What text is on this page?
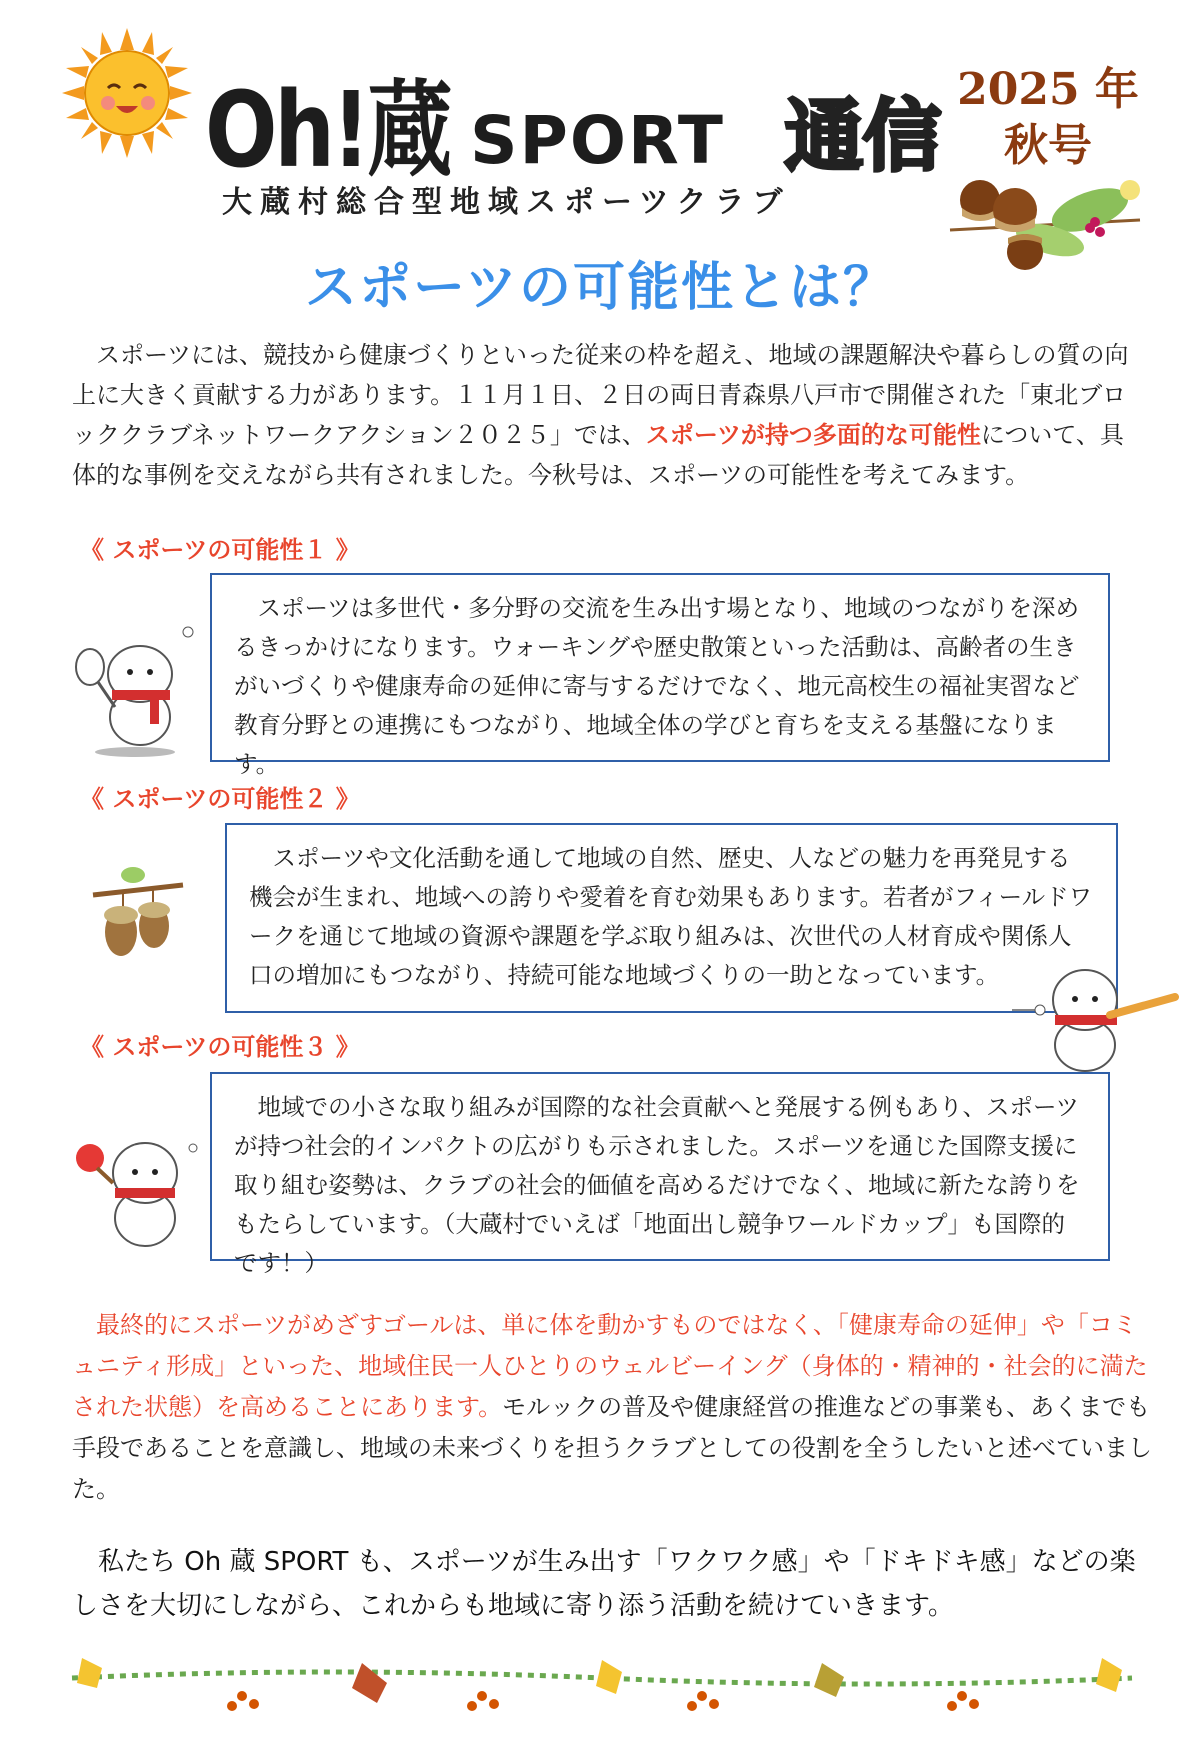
Oh!蔵 SPORT 通信
大蔵村総合型地域スポーツクラブ
2025 年
秋号
スポーツの可能性とは？

スポーツには、競技から健康づくりといった従来の枠を超え、地域の課題解決や暮らしの質の向上に大きく貢献する力があります。１１月１日、２日の両日青森県八戸市で開催された「東北ブロッククラブネットワークアクション２０２５」では、スポーツが持つ多面的な可能性について、具体的な事例を交えながら共有されました。今秋号は、スポーツの可能性を考えてみます。

《 スポーツの可能性１ 》

スポーツは多世代・多分野の交流を生み出す場となり、地域のつながりを深めるきっかけになります。ウォーキングや歴史散策といった活動は、高齢者の生きがいづくりや健康寿命の延伸に寄与するだけでなく、地元高校生の福祉実習など教育分野との連携にもつながり、地域全体の学びと育ちを支える基盤になります。

《 スポーツの可能性２ 》

スポーツや文化活動を通して地域の自然、歴史、人などの魅力を再発見する機会が生まれ、地域への誇りや愛着を育む効果もあります。若者がフィールドワークを通じて地域の資源や課題を学ぶ取り組みは、次世代の人材育成や関係人口の増加にもつながり、持続可能な地域づくりの一助となっています。

《 スポーツの可能性３ 》

地域での小さな取り組みが国際的な社会貢献へと発展する例もあり、スポーツが持つ社会的インパクトの広がりも示されました。スポーツを通じた国際支援に取り組む姿勢は、クラブの社会的価値を高めるだけでなく、地域に新たな誇りをもたらしています。（大蔵村でいえば「地面出し競争ワールドカップ」も国際的です！）

最終的にスポーツがめざすゴールは、単に体を動かすものではなく、「健康寿命の延伸」や「コミュニティ形成」といった、地域住民一人ひとりのウェルビーイング（身体的・精神的・社会的に満たされた状態）を高めることにあります。モルックの普及や健康経営の推進などの事業も、あくまでも手段であることを意識し、地域の未来づくりを担うクラブとしての役割を全うしたいと述べていました。

私たち Oh 蔵 SPORT も、スポーツが生み出す「ワクワク感」や「ドキドキ感」などの楽しさを大切にしながら、これからも地域に寄り添う活動を続けていきます。
